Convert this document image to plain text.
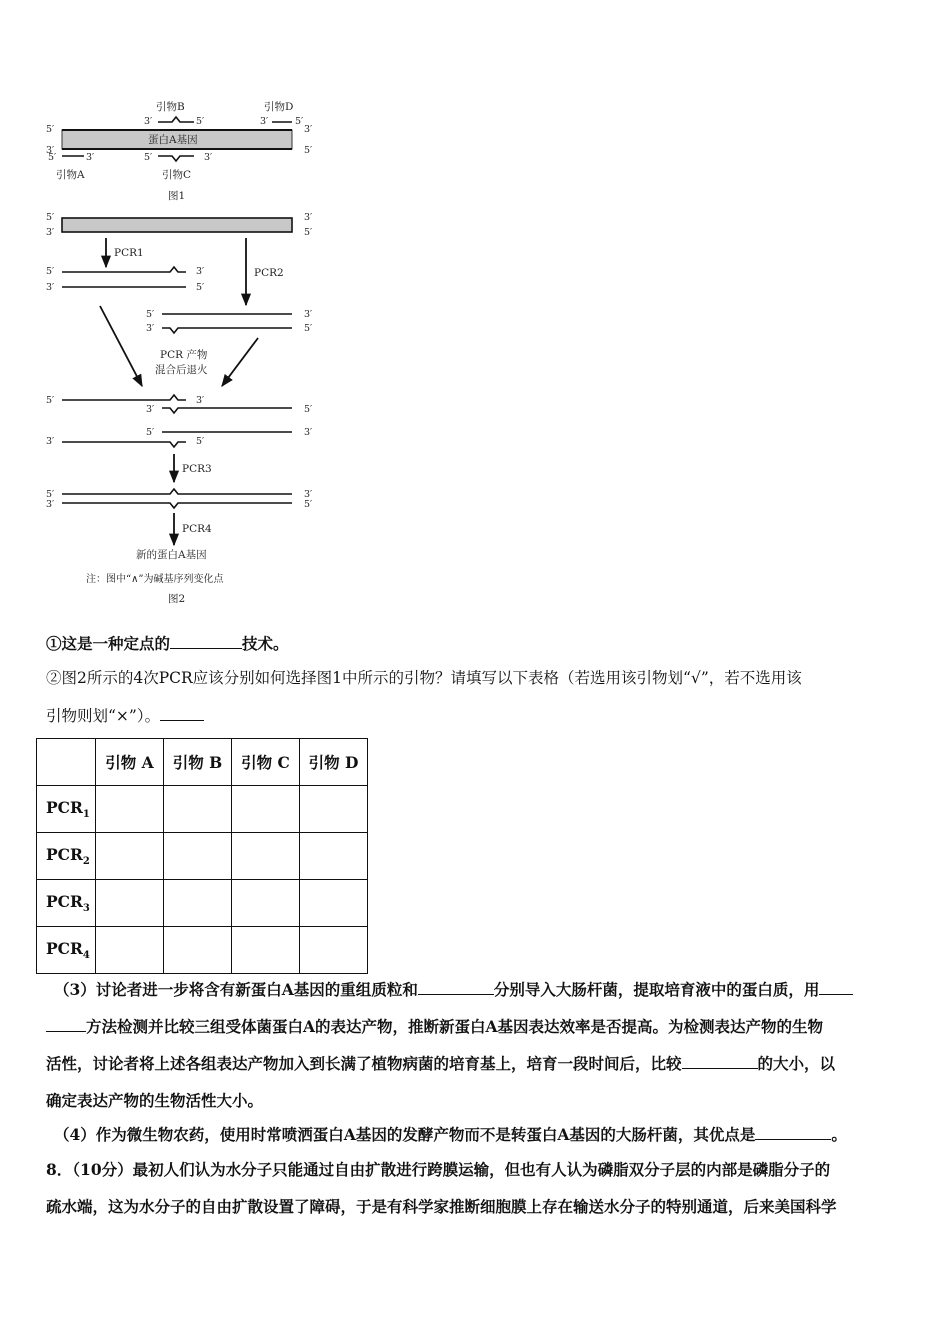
蛋白A基因
5′	3′
3′	5′
引物B
3′	5′
引物D
3′	5′
5′	3′
引物A
5′	3′
引物C
图1
5′
3′
3′
5′
PCR1
PCR2
5′
3′
3′
5′
5′
3′
3′
5′
PCR 产物
混合后退火
5′	3′
3′	5′
5′	3′
3′	5′
PCR3
5′
3′
3′
5′
PCR4
新的蛋白A基因
注：图中“∧”为碱基序列变化点
图2
①这是一种定点的	技术。
②图2所示的4次PCR应该分别如何选择图1中所示的引物？请填写以下表格（若选用该引物划“√”，若不选用该
引物则划“×”）。
	引物 A	引物 B	引物 C	引物 D
$PCR_1$				
$PCR_2$				
$PCR_3$				
$PCR_4$				
（3）讨论者进一步将含有新蛋白A基因的重组质粒和	分别导入大肠杆菌，提取培育液中的蛋白质，用
方法检测并比较三组受体菌蛋白A的表达产物，推断新蛋白A基因表达效率是否提高。为检测表达产物的生物
活性，讨论者将上述各组表达产物加入到长满了植物病菌的培育基上，培育一段时间后，比较	的大小，以
确定表达产物的生物活性大小。
（4）作为微生物农药，使用时常喷洒蛋白A基因的发酵产物而不是转蛋白A基因的大肠杆菌，其优点是	。
8．（10分）最初人们认为水分子只能通过自由扩散进行跨膜运输，但也有人认为磷脂双分子层的内部是磷脂分子的
疏水端，这为水分子的自由扩散设置了障碍，于是有科学家推断细胞膜上存在输送水分子的特别通道，后来美国科学
